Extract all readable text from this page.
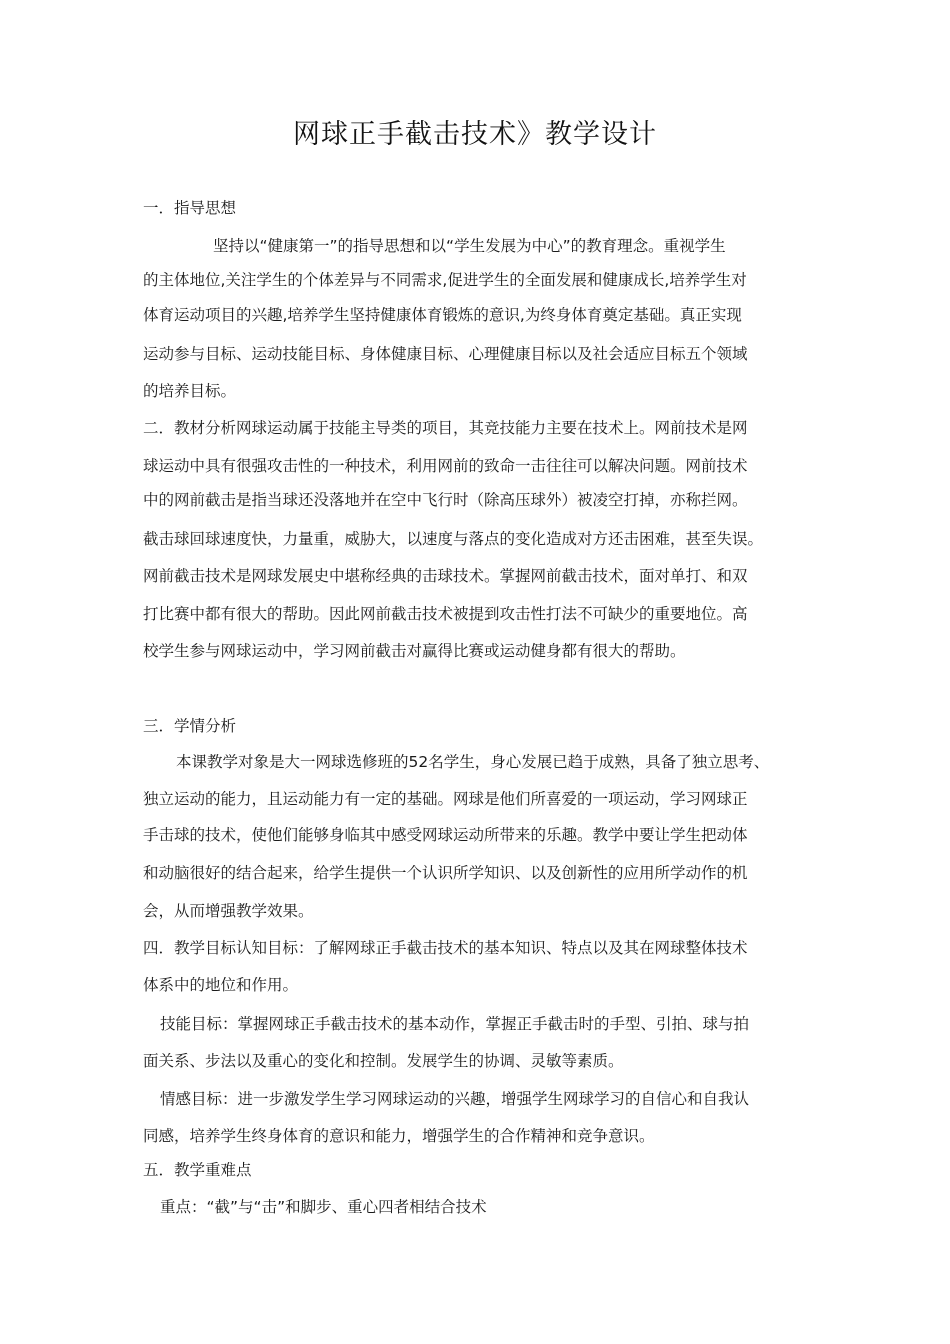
网球正手截击技术》教学设计
一．指导思想
坚持以“健康第一”的指导思想和以“学生发展为中心”的教育理念。重视学生
的主体地位,关注学生的个体差异与不同需求,促进学生的全面发展和健康成长,培养学生对
体育运动项目的兴趣,培养学生坚持健康体育锻炼的意识,为终身体育奠定基础。真正实现
运动参与目标、运动技能目标、身体健康目标、心理健康目标以及社会适应目标五个领域
的培养目标。
二．教材分析网球运动属于技能主导类的项目，其竞技能力主要在技术上。网前技术是网
球运动中具有很强攻击性的一种技术，利用网前的致命一击往往可以解决问题。网前技术
中的网前截击是指当球还没落地并在空中飞行时（除高压球外）被凌空打掉，亦称拦网。
截击球回球速度快，力量重，威胁大，以速度与落点的变化造成对方还击困难，甚至失误。
网前截击技术是网球发展史中堪称经典的击球技术。掌握网前截击技术，面对单打、和双
打比赛中都有很大的帮助。因此网前截击技术被提到攻击性打法不可缺少的重要地位。高
校学生参与网球运动中，学习网前截击对赢得比赛或运动健身都有很大的帮助。
三．学情分析
本课教学对象是大一网球选修班的52名学生，身心发展已趋于成熟，具备了独立思考、
独立运动的能力，且运动能力有一定的基础。网球是他们所喜爱的一项运动，学习网球正
手击球的技术，使他们能够身临其中感受网球运动所带来的乐趣。教学中要让学生把动体
和动脑很好的结合起来，给学生提供一个认识所学知识、以及创新性的应用所学动作的机
会，从而增强教学效果。
四．教学目标认知目标：了解网球正手截击技术的基本知识、特点以及其在网球整体技术
体系中的地位和作用。
技能目标：掌握网球正手截击技术的基本动作，掌握正手截击时的手型、引拍、球与拍
面关系、步法以及重心的变化和控制。发展学生的协调、灵敏等素质。
情感目标：进一步激发学生学习网球运动的兴趣，增强学生网球学习的自信心和自我认
同感，培养学生终身体育的意识和能力，增强学生的合作精神和竞争意识。
五．教学重难点
重点：“截”与“击”和脚步、重心四者相结合技术
